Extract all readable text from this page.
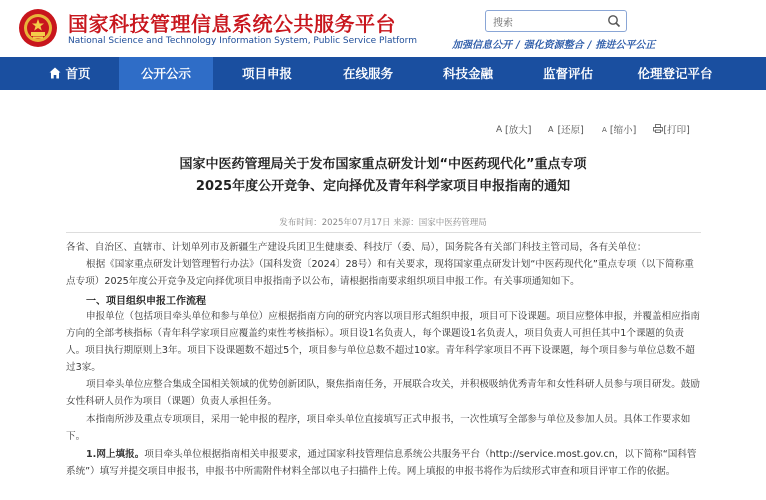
国家科技管理信息系统公共服务平台
National Science and Technology Information System, Public Service Platform
搜索
加强信息公开 / 强化资源整合 / 推进公平公正
首页	公开公示	项目申报	在线服务	科技金融	监督评估	伦理登记平台
A [放大] A [还原]	A [缩小]	[打印]
国家中医药管理局关于发布国家重点研发计划“中医药现代化”重点专项
2025年度公开竞争、定向择优及青年科学家项目申报指南的通知
发布时间：2025年07月17日 来源：国家中医药管理局
各省、自治区、直辖市、计划单列市及新疆生产建设兵团卫生健康委、科技厅（委、局），国务院各有关部门科技主管司局，各有关单位：
根据《国家重点研发计划管理暂行办法》（国科发资〔2024〕28号）和有关要求，现将国家重点研发计划“中医药现代化”重点专项（以下简称重点专项）2025年度公开竞争及定向择优项目申报指南予以公布，请根据指南要求组织项目申报工作。有关事项通知如下。
一、项目组织申报工作流程
申报单位（包括项目牵头单位和参与单位）应根据指南方向的研究内容以项目形式组织申报，项目可下设课题。项目应整体申报，并覆盖相应指南方向的全部考核指标（青年科学家项目应覆盖约束性考核指标）。项目设1名负责人，每个课题设1名负责人，项目负责人可担任其中1个课题的负责人。项目执行期原则上3年。项目下设课题数不超过5个，项目参与单位总数不超过10家。青年科学家项目不再下设课题，每个项目参与单位总数不超过3家。
项目牵头单位应整合集成全国相关领域的优势创新团队，聚焦指南任务，开展联合攻关，并积极吸纳优秀青年和女性科研人员参与项目研发。鼓励女性科研人员作为项目（课题）负责人承担任务。
本指南所涉及重点专项项目，采用一轮申报的程序，项目牵头单位直接填写正式申报书，一次性填写全部参与单位及参加人员。具体工作要求如下。
1.网上填报。项目牵头单位根据指南相关申报要求，通过国家科技管理信息系统公共服务平台（http://service.most.gov.cn，以下简称“国科管系统”）填写并提交项目申报书，申报书中所需附件材料全部以电子扫描件上传。网上填报的申报书将作为后续形式审查和项目评审工作的依据。
